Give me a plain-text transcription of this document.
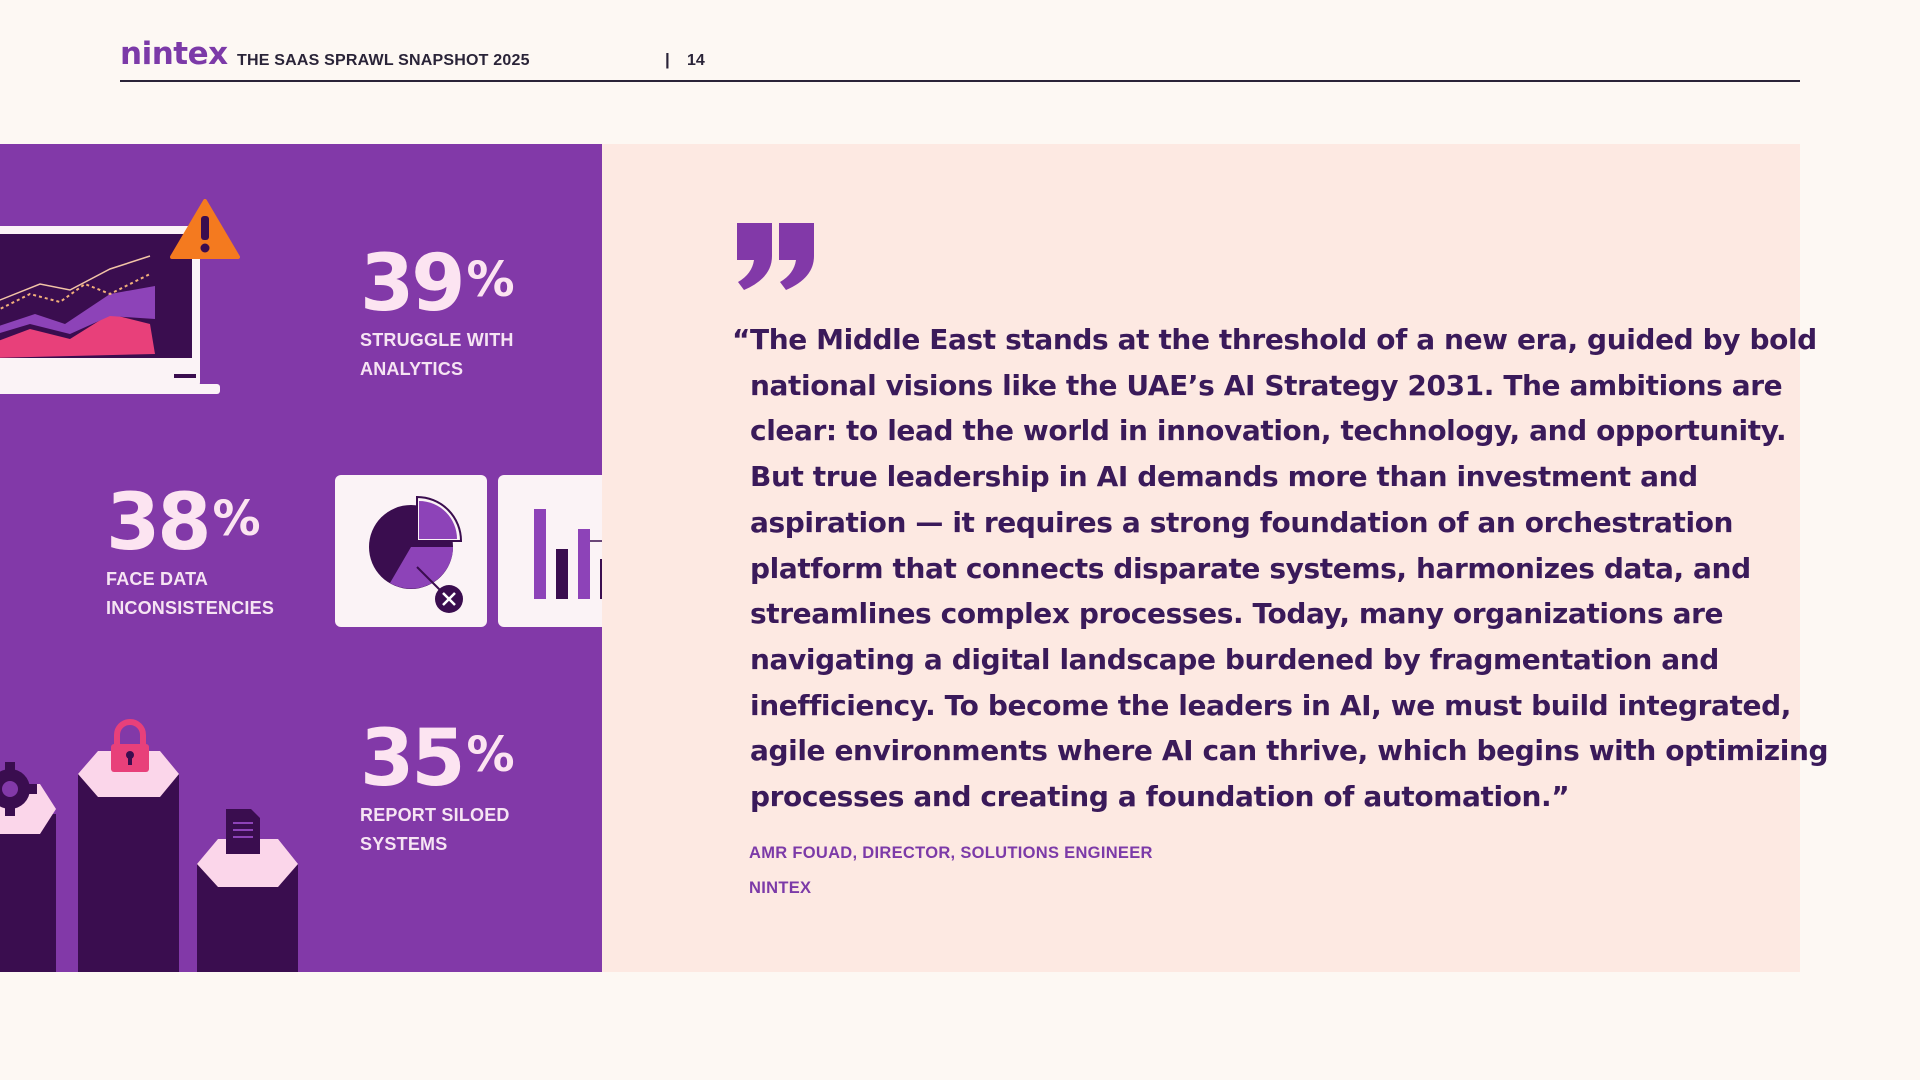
nintex THE SAAS SPRAWL SNAPSHOT 2025	| 14
39%
STRUGGLE WITH
ANALYTICS
38%
FACE DATA
INCONSISTENCIES
35%
REPORT SILOED
SYSTEMS
“ The Middle East stands at the threshold of a new era, guided by bold
national visions like the UAE’s AI Strategy 2031. The ambitions are
clear: to lead the world in innovation, technology, and opportunity.
But true leadership in AI demands more than investment and
aspiration — it requires a strong foundation of an orchestration
platform that connects disparate systems, harmonizes data, and
streamlines complex processes. Today, many organizations are
navigating a digital landscape burdened by fragmentation and
inefficiency. To become the leaders in AI, we must build integrated,
agile environments where AI can thrive, which begins with optimizing
processes and creating a foundation of automation.”
AMR FOUAD, DIRECTOR, SOLUTIONS ENGINEER
NINTEX
